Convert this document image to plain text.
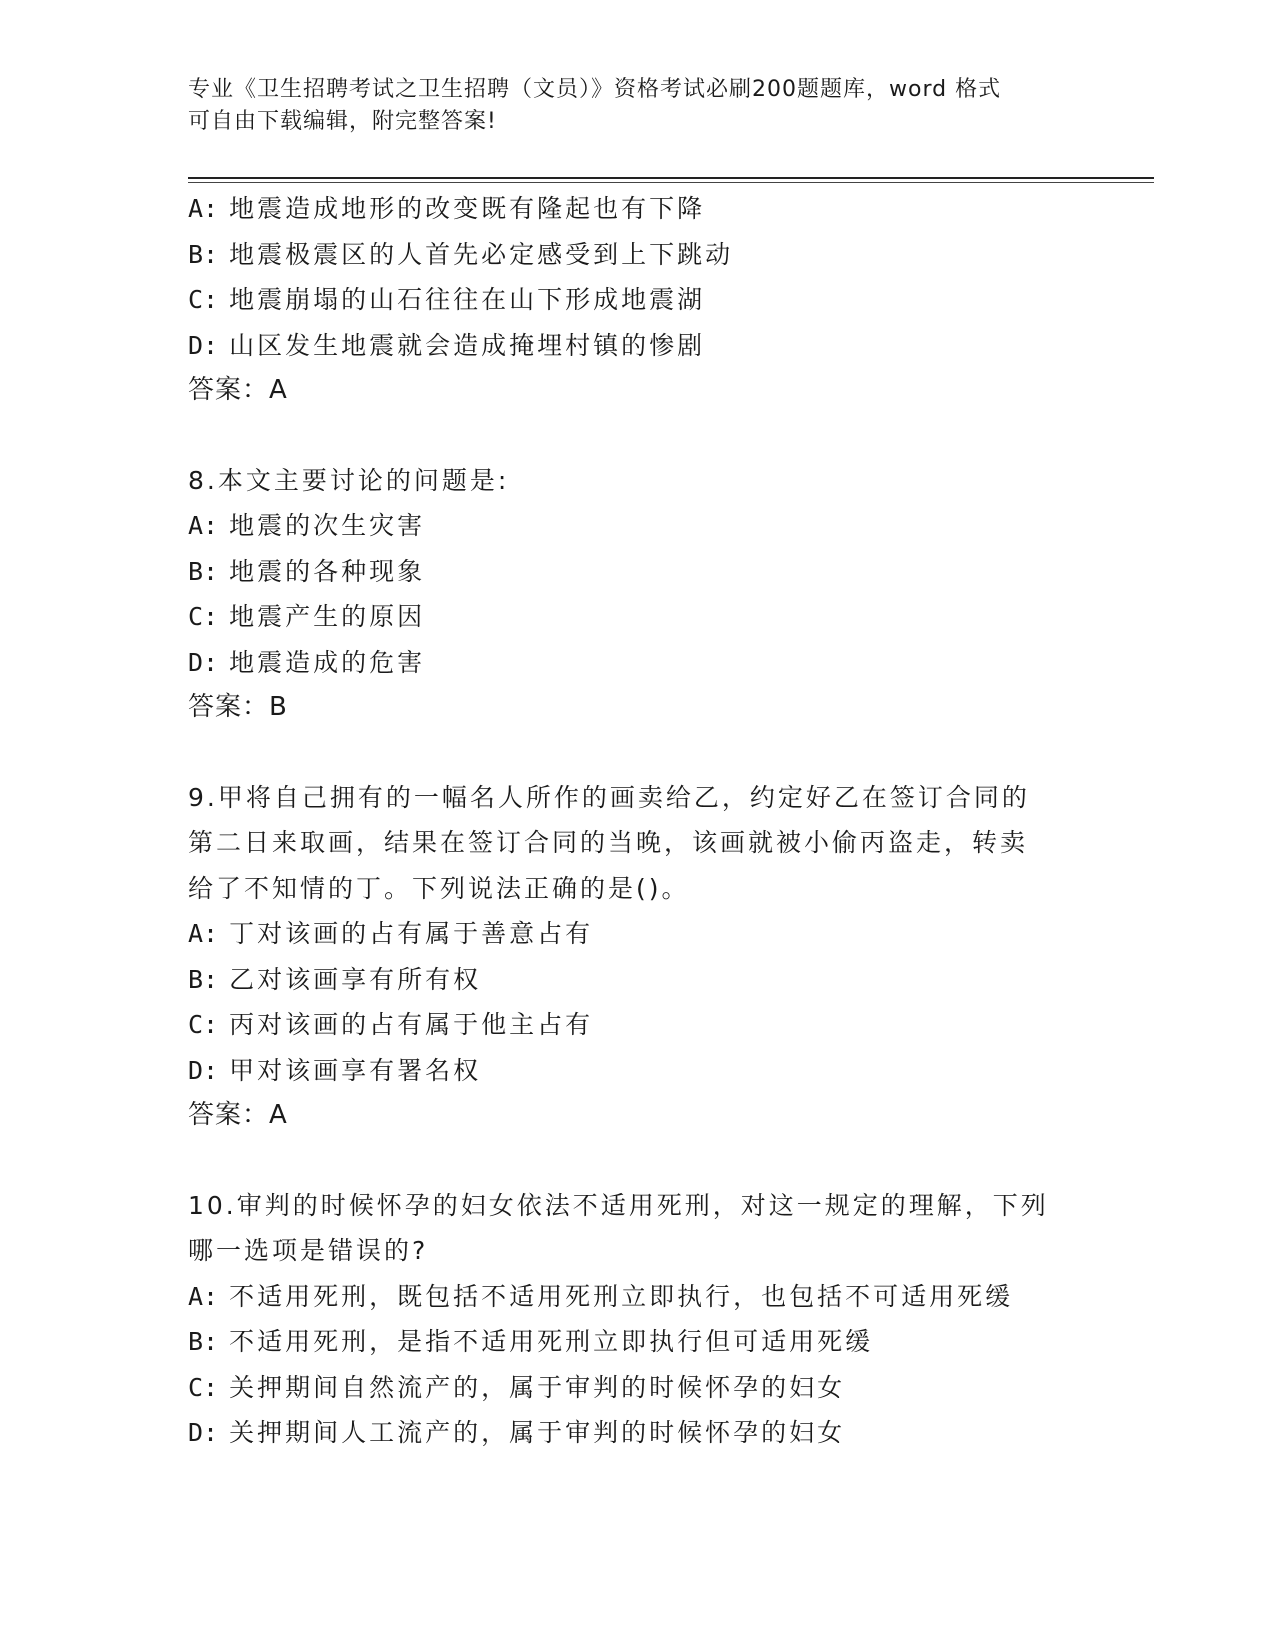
专业《卫生招聘考试之卫生招聘（文员）》资格考试必刷200题题库，word 格式
可自由下载编辑，附完整答案!
A: 地震造成地形的改变既有隆起也有下降
B: 地震极震区的人首先必定感受到上下跳动
C: 地震崩塌的山石往往在山下形成地震湖
D: 山区发生地震就会造成掩埋村镇的惨剧
答案：A
8.本文主要讨论的问题是:
A: 地震的次生灾害
B: 地震的各种现象
C: 地震产生的原因
D: 地震造成的危害
答案：B
9.甲将自己拥有的一幅名人所作的画卖给乙，约定好乙在签订合同的
第二日来取画，结果在签订合同的当晚，该画就被小偷丙盗走，转卖
给了不知情的丁。下列说法正确的是()。
A: 丁对该画的占有属于善意占有
B: 乙对该画享有所有权
C: 丙对该画的占有属于他主占有
D: 甲对该画享有署名权
答案：A
10.审判的时候怀孕的妇女依法不适用死刑，对这一规定的理解，下列
哪一选项是错误的?
A: 不适用死刑，既包括不适用死刑立即执行，也包括不可适用死缓
B: 不适用死刑，是指不适用死刑立即执行但可适用死缓
C: 关押期间自然流产的，属于审判的时候怀孕的妇女
D: 关押期间人工流产的，属于审判的时候怀孕的妇女
